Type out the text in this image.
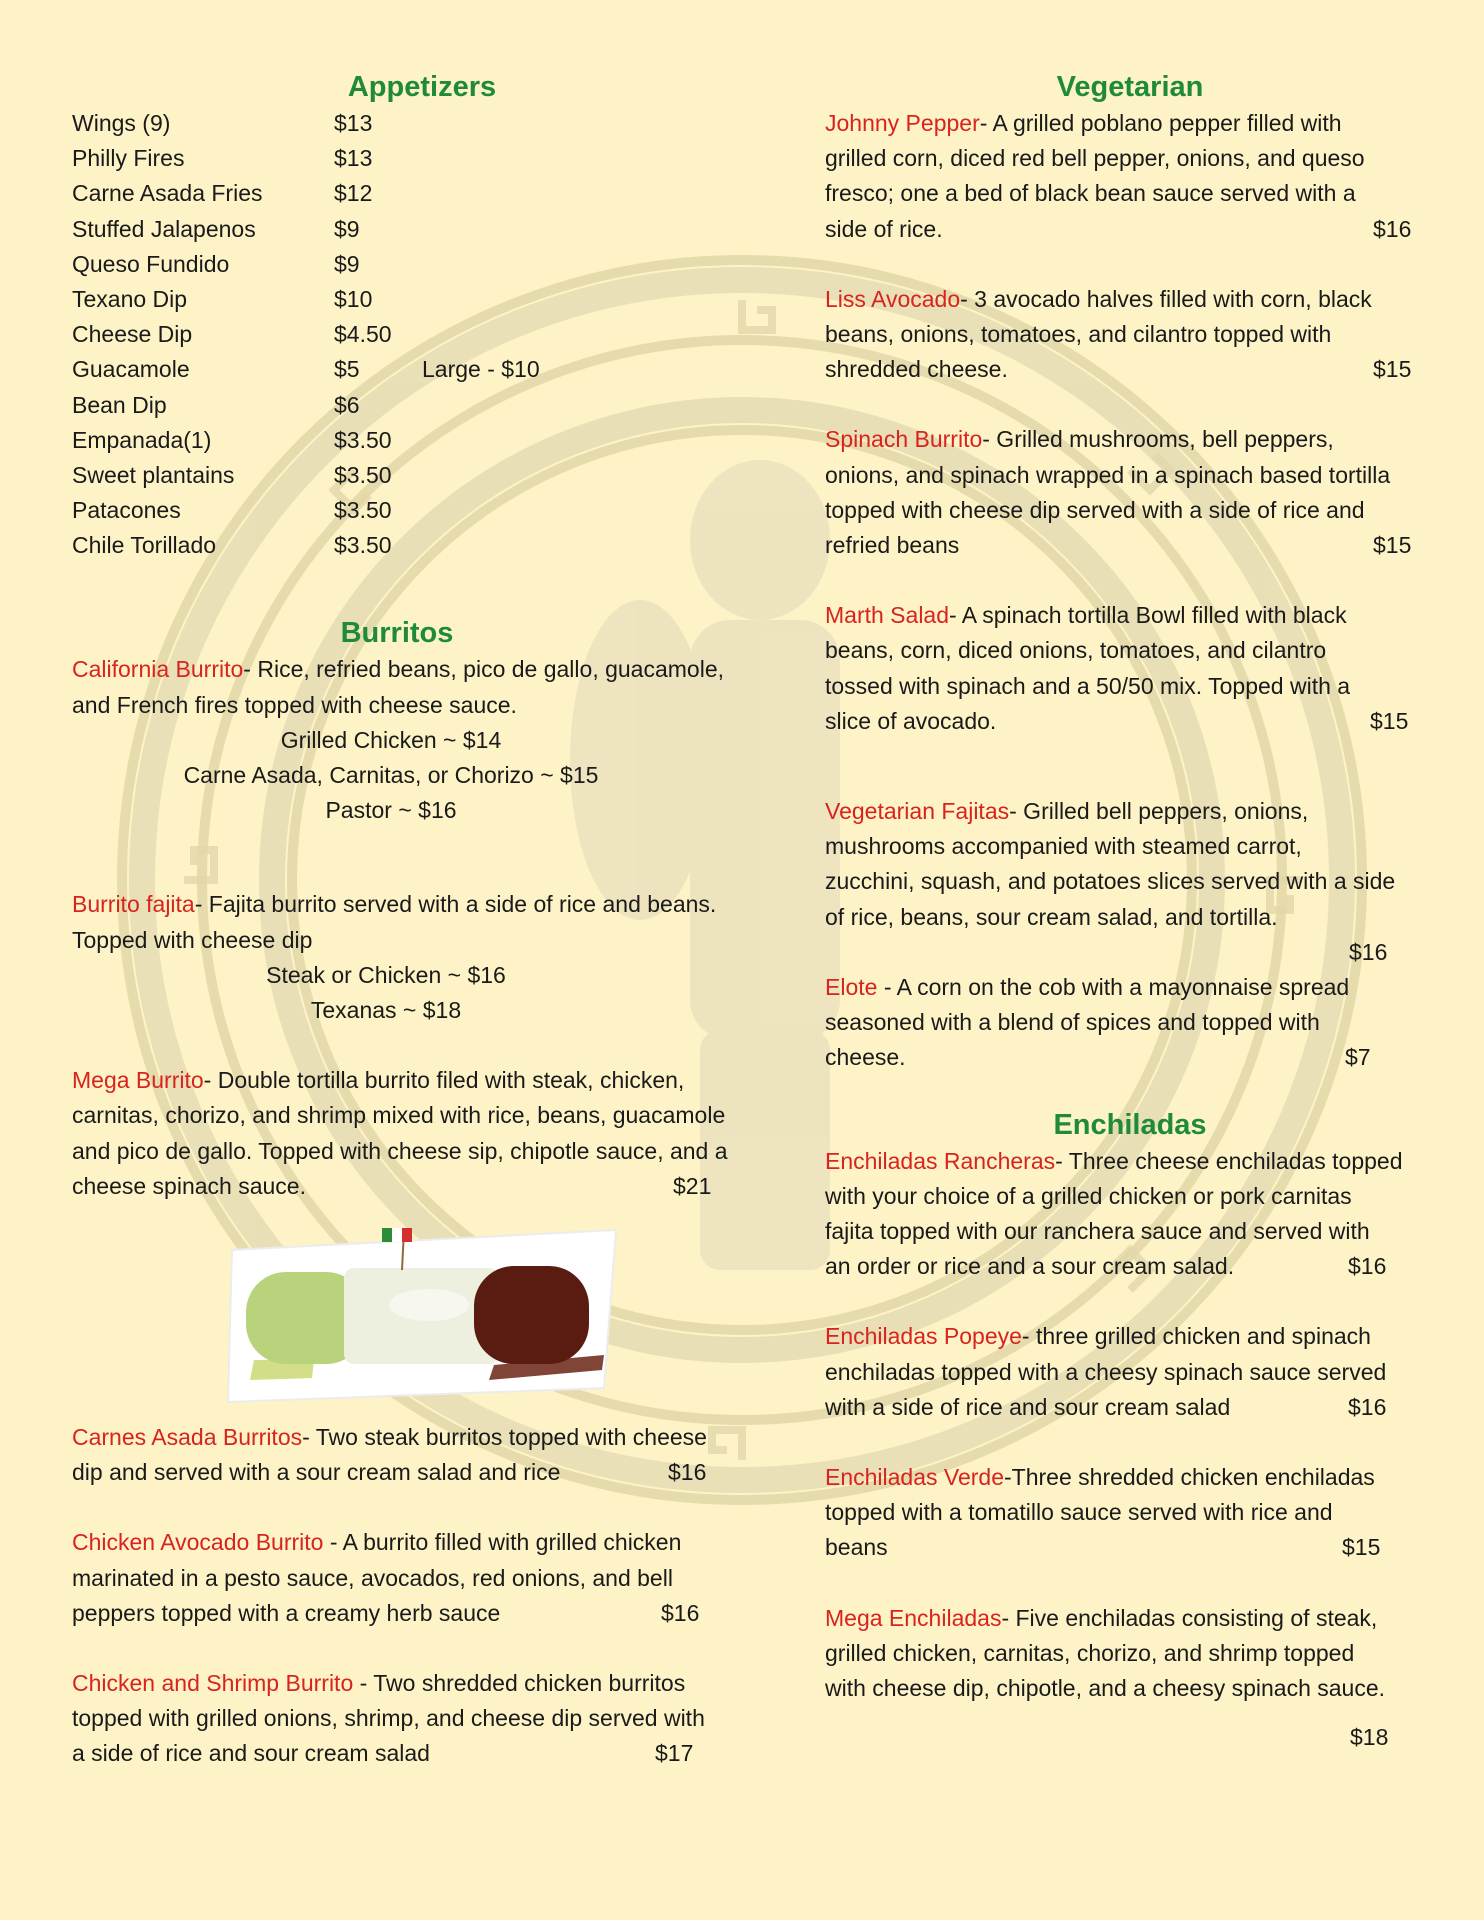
Appetizers
Wings (9)	$13
Philly Fires	$13
Carne Asada Fries	$12
Stuffed Jalapenos	$9
Queso Fundido	$9
Texano Dip	$10
Cheese Dip	$4.50
Guacamole	$5	Large - $10
Bean Dip	$6
Empanada(1)	$3.50
Sweet plantains	$3.50
Patacones	$3.50
Chile Torillado	$3.50
Burritos
California Burrito- Rice, refried beans, pico de gallo, guacamole,
and French fires topped with cheese sauce.
Grilled Chicken ~ $14
Carne Asada, Carnitas, or Chorizo ~ $15
Pastor ~ $16
Burrito fajita- Fajita burrito served with a side of rice and beans.
Topped with cheese dip
Steak or Chicken ~ $16
Texanas ~ $18
Mega Burrito- Double tortilla burrito filed with steak, chicken,
carnitas, chorizo, and shrimp mixed with rice, beans, guacamole
and pico de gallo. Topped with cheese sip, chipotle sauce, and a
cheese spinach sauce.	$21
Carnes Asada Burritos- Two steak burritos topped with cheese
dip and served with a sour cream salad and rice	$16
Chicken Avocado Burrito - A burrito filled with grilled chicken
marinated in a pesto sauce, avocados, red onions, and bell
peppers topped with a creamy herb sauce	$16
Chicken and Shrimp Burrito - Two shredded chicken burritos
topped with grilled onions, shrimp, and cheese dip served with
a side of rice and sour cream salad	$17
Vegetarian
Johnny Pepper- A grilled poblano pepper filled with
grilled corn, diced red bell pepper, onions, and queso
fresco; one a bed of black bean sauce served with a
side of rice.	$16
Liss Avocado- 3 avocado halves filled with corn, black
beans, onions, tomatoes, and cilantro topped with
shredded cheese.	$15
Spinach Burrito- Grilled mushrooms, bell peppers,
onions, and spinach wrapped in a spinach based tortilla
topped with cheese dip served with a side of rice and
refried beans	$15
Marth Salad- A spinach tortilla Bowl filled with black
beans, corn, diced onions, tomatoes, and cilantro
tossed with spinach and a 50/50 mix. Topped with a
slice of avocado.	$15
Vegetarian Fajitas- Grilled bell peppers, onions,
mushrooms accompanied with steamed carrot,
zucchini, squash, and potatoes slices served with a side
of rice, beans, sour cream salad, and tortilla.
$16
Elote - A corn on the cob with a mayonnaise spread
seasoned with a blend of spices and topped with
cheese.	$7
Enchiladas
Enchiladas Rancheras- Three cheese enchiladas topped
with your choice of a grilled chicken or pork carnitas
fajita topped with our ranchera sauce and served with
an order or rice and a sour cream salad.	$16
Enchiladas Popeye- three grilled chicken and spinach
enchiladas topped with a cheesy spinach sauce served
with a side of rice and sour cream salad	$16
Enchiladas Verde-Three shredded chicken enchiladas
topped with a tomatillo sauce served with rice and
beans	$15
Mega Enchiladas- Five enchiladas consisting of steak,
grilled chicken, carnitas, chorizo, and shrimp topped
with cheese dip, chipotle, and a cheesy spinach sauce.
$18
